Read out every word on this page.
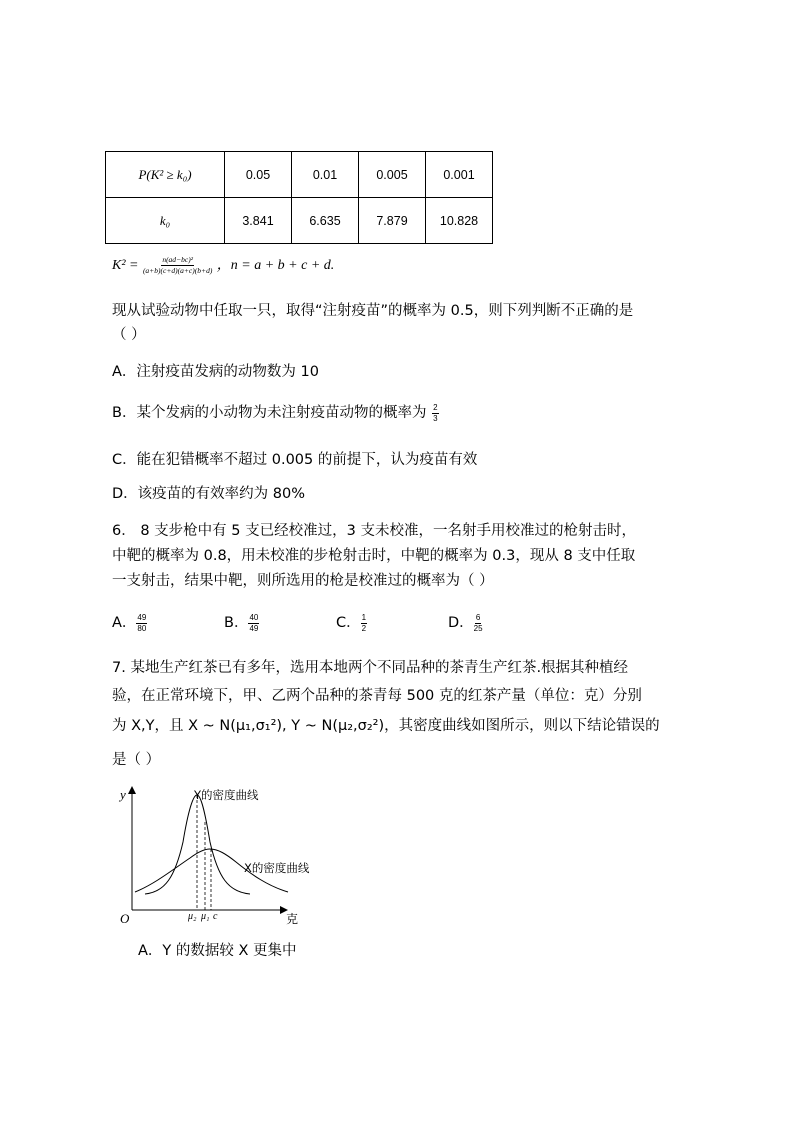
P(K² ≥ k₀)	0.05	0.01	0.005	0.001
k₀	3.841	6.635	7.879	10.828
$K^2 = \frac{\text{n(ad−bc)²}}{(a+b)(c+d)(a+c)(b+d)}$ ，n = a + b + c + d.
现从试验动物中任取一只，取得“注射疫苗”的概率为 0.5，则下列判断不正确的是
（ ）
A．注射疫苗发病的动物数为 10
B．某个发病的小动物为未注射疫苗动物的概率为 $\frac{2}{3}$
C．能在犯错概率不超过 0.005 的前提下，认为疫苗有效
D．该疫苗的有效率约为 80%
6． 8 支步枪中有 5 支已经校准过，3 支未校准，一名射手用校准过的枪射击时，
中靶的概率为 0.8，用未校准的步枪射击时，中靶的概率为 0.3，现从 8 支中任取
一支射击，结果中靶，则所选用的枪是校准过的概率为（ ）
A． $\frac{49}{80}$	B． $\frac{40}{49}$	C． $\frac{1}{2}$	D． $\frac{6}{25}$
7. 某地生产红茶已有多年，选用本地两个不同品种的茶青生产红茶.根据其种植经
验，在正常环境下，甲、乙两个品种的茶青每 500 克的红茶产量（单位：克）分别
为 X,Y，且 X ~ N(μ₁,σ₁²), Y ~ N(μ₂,σ₂²)，其密度曲线如图所示，则以下结论错误的
是（ ）
y
O	克
Y的密度曲线
X的密度曲线
μ₂ μ₁ c
A．Y 的数据较 X 更集中
